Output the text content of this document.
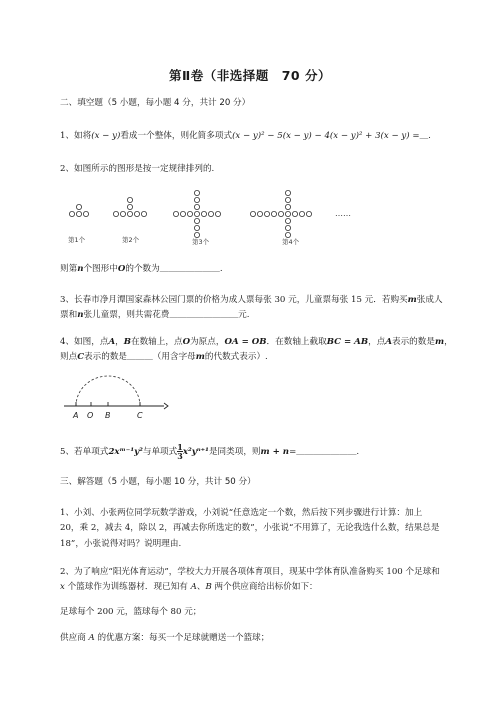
第Ⅱ卷（非选择题　70 分）
二、填空题（5 小题，每小题 4 分，共计 20 分）
1、如将(x − y)看成一个整体，则化简多项式(x − y)² − 5(x − y) − 4(x − y)² + 3(x − y) =＿.
2、如图所示的图形是按一定规律排列的.
……
第1个	第2个	第3个	第4个
则第n个图形中O的个数为＿＿＿＿＿＿＿.
3、长春市净月潭国家森林公园门票的价格为成人票每张 30 元，儿童票每张 15 元．若购买m张成人
票和n张儿童票，则共需花费＿＿＿＿＿＿＿＿元.
4、如图，点A，B在数轴上，点O为原点，OA = OB．在数轴上截取BC = AB，点A表示的数是m，
则点C表示的数是＿＿＿（用含字母m的代数式表示）.
A O B	C
5、若单项式2xᵐ⁻¹y²与单项式 $\frac{1}{3} x^2y^{n+1}$是同类项，则m + n=＿＿＿＿＿＿＿.
三、解答题（5 小题，每小题 10 分，共计 50 分）
1、小刘、小张两位同学玩数学游戏，小刘说“任意选定一个数，然后按下列步骤进行计算：加上
20，乘 2，减去 4，除以 2，再减去你所选定的数”，小张说“不用算了，无论我选什么数，结果总是
18”，小张说得对吗？说明理由.
2、为了响应“阳光体育运动”，学校大力开展各项体育项目，现某中学体育队准备购买 100 个足球和
x 个篮球作为训练器材．现已知有 A、B 两个供应商给出标价如下：
足球每个 200 元，篮球每个 80 元；
供应商 A 的优惠方案：每买一个足球就赠送一个篮球；
